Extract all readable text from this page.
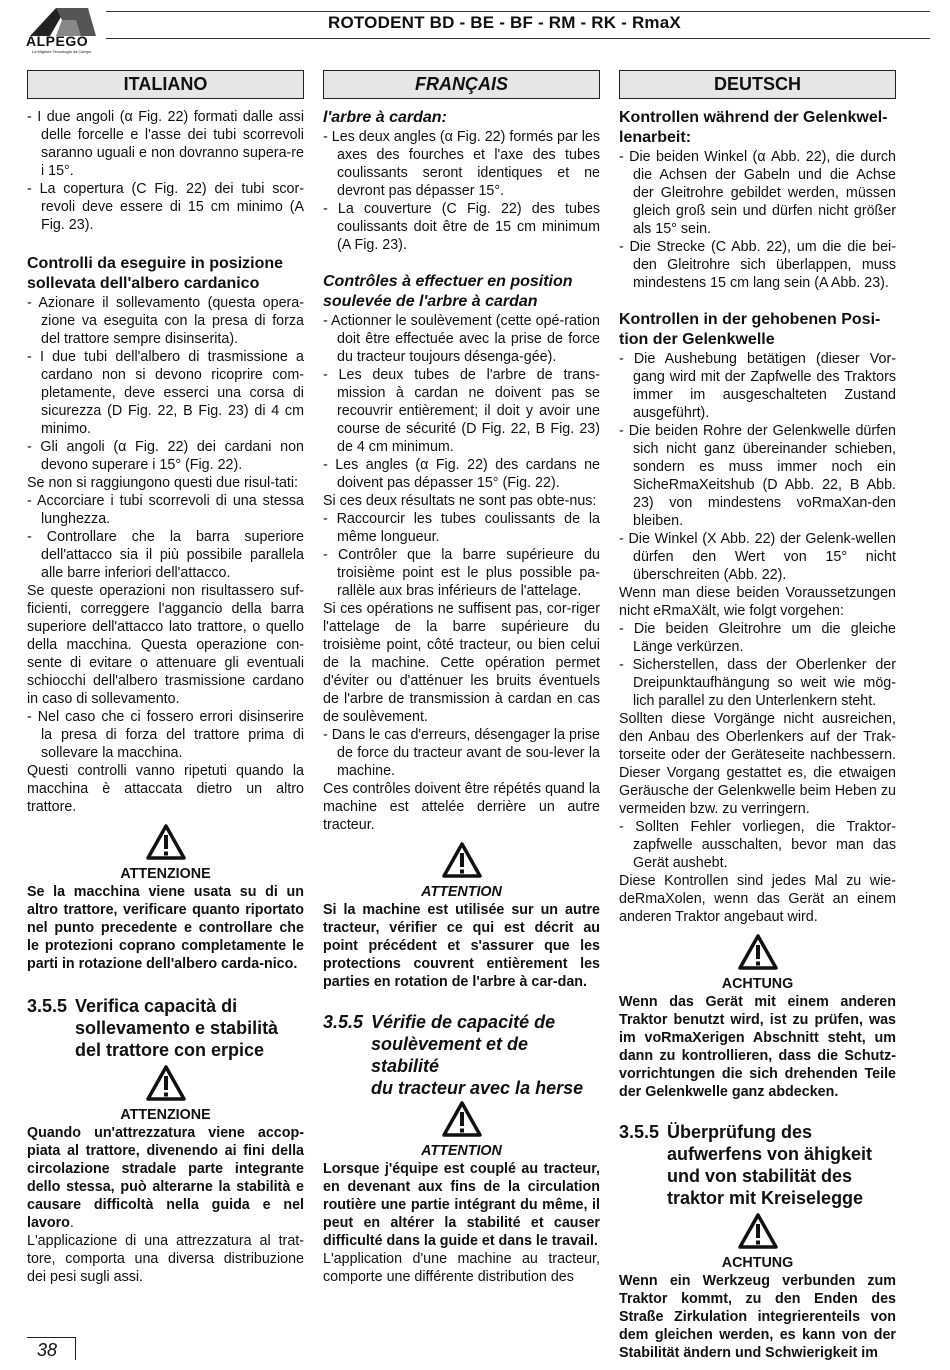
ALPEGO
La Migliore Tecnologia da Campo
ROTODENT BD - BE - BF - RM - RK - RmaX
ITALIANO

- I due angoli (α Fig. 22) formati dalle assi delle forcelle e l'asse dei tubi scorrevoli saranno uguali e non dovranno supera-re i 15°.

- La copertura (C Fig. 22) dei tubi scor-revoli deve essere di 15 cm minimo (A Fig. 23).

Controlli da eseguire in posizione sollevata dell'albero cardanico

- Azionare il sollevamento (questa opera-zione va eseguita con la presa di forza del trattore sempre disinserita).

- I due tubi dell'albero di trasmissione a cardano non si devono ricoprire com-pletamente, deve esserci una corsa di sicurezza (D Fig. 22, B Fig. 23) di 4 cm minimo.

- Gli angoli (α Fig. 22) dei cardani non devono superare i 15° (Fig. 22).

Se non si raggiungono questi due risul-tati:

- Accorciare i tubi scorrevoli di una stessa lunghezza.

- Controllare che la barra superiore dell'attacco sia il più possibile parallela alle barre inferiori dell'attacco.

Se queste operazioni non risultassero suf-ficienti, correggere l'aggancio della barra superiore dell'attacco lato trattore, o quello della macchina. Questa operazione con-sente di evitare o attenuare gli eventuali schiocchi dell'albero trasmissione cardano in caso di sollevamento.

- Nel caso che ci fossero errori disinserire la presa di forza del trattore prima di sollevare la macchina.

Questi controlli vanno ripetuti quando la macchina è attaccata dietro un altro trattore.

ATTENZIONE

Se la macchina viene usata su di un altro trattore, verificare quanto riportato nel punto precedente e controllare che le protezioni coprano completamente le parti in rotazione dell'albero carda-nico.

3.5.5 Verifica capacità di
sollevamento e stabilità
del trattore con erpice

ATTENZIONE

Quando un'attrezzatura viene accop-piata al trattore, divenendo ai fini della circolazione stradale parte integrante dello stessa, può alterarne la stabilità e causare difficoltà nella guida e nel lavoro.

L'applicazione di una attrezzatura al trat-tore, comporta una diversa distribuzione dei pesi sugli assi.

FRANÇAIS

l'arbre à cardan:

- Les deux angles (α Fig. 22) formés par les axes des fourches et l'axe des tubes coulissants seront identiques et ne devront pas dépasser 15°.

- La couverture (C Fig. 22) des tubes coulissants doit être de 15 cm minimum (A Fig. 23).

Contrôles à effectuer en position soulevée de l'arbre à cardan

- Actionner le soulèvement (cette opé-ration doit être effectuée avec la prise de force du tracteur toujours désenga-gée).

- Les deux tubes de l'arbre de trans-mission à cardan ne doivent pas se recouvrir entièrement; il doit y avoir une course de sécurité (D Fig. 22, B Fig. 23) de 4 cm minimum.

- Les angles (α Fig. 22) des cardans ne doivent pas dépasser 15° (Fig. 22).

Si ces deux résultats ne sont pas obte-nus:

- Raccourcir les tubes coulissants de la même longueur.

- Contrôler que la barre supérieure du troisième point est le plus possible pa-rallèle aux bras inférieurs de l'attelage.

Si ces opérations ne suffisent pas, cor-riger l'attelage de la barre supérieure du troisième point, côté tracteur, ou bien celui de la machine. Cette opération permet d'éviter ou d'atténuer les bruits éventuels de l'arbre de transmission à cardan en cas de soulèvement.

- Dans le cas d'erreurs, désengager la prise de force du tracteur avant de sou-lever la machine.

Ces contrôles doivent être répétés quand la machine est attelée derrière un autre tracteur.

ATTENTION

Si la machine est utilisée sur un autre tracteur, vérifier ce qui est décrit au point précédent et s'assurer que les protections couvrent entièrement les parties en rotation de l'arbre à car-dan.

3.5.5 Vérifie de capacité de
soulèvement et de stabilité
du tracteur avec la herse

ATTENTION

Lorsque j'équipe est couplé au tracteur, en devenant aux fins de la circulation routière une partie intégrant du même, il peut en altérer la stabilité et causer difficulté dans la guide et dans le travail.

L'application d'une machine au tracteur, comporte une différente distribution des

DEUTSCH

Kontrollen während der Gelenkwel-lenarbeit:

- Die beiden Winkel (α Abb. 22), die durch die Achsen der Gabeln und die Achse der Gleitrohre gebildet werden, müssen gleich groß sein und dürfen nicht größer als 15° sein.

- Die Strecke (C Abb. 22), um die die bei-den Gleitrohre sich überlappen, muss mindestens 15 cm lang sein (A Abb. 23).

Kontrollen in der gehobenen Posi-tion der Gelenkwelle

- Die Aushebung betätigen (dieser Vor-gang wird mit der Zapfwelle des Traktors immer im ausgeschalteten Zustand ausgeführt).

- Die beiden Rohre der Gelenkwelle dürfen sich nicht ganz übereinander schieben, sondern es muss immer noch ein SicheRmaXeitshub (D Abb. 22, B Abb. 23) von mindestens voRmaXan-den bleiben.

- Die Winkel (X Abb. 22) der Gelenk-wellen dürfen den Wert von 15° nicht überschreiten (Abb. 22).

Wenn man diese beiden Voraussetzungen nicht eRmaXält, wie folgt vorgehen:

- Die beiden Gleitrohre um die gleiche Länge verkürzen.

- Sicherstellen, dass der Oberlenker der Dreipunktaufhängung so weit wie mög-lich parallel zu den Unterlenkern steht.

Sollten diese Vorgänge nicht ausreichen, den Anbau des Oberlenkers auf der Trak-torseite oder der Geräteseite nachbessern. Dieser Vorgang gestattet es, die etwaigen Geräusche der Gelenkwelle beim Heben zu vermeiden bzw. zu verringern.

- Sollten Fehler vorliegen, die Traktor-zapfwelle ausschalten, bevor man das Gerät aushebt.

Diese Kontrollen sind jedes Mal zu wie-deRmaXolen, wenn das Gerät an einem anderen Traktor angebaut wird.

ACHTUNG

Wenn das Gerät mit einem anderen Traktor benutzt wird, ist zu prüfen, was im voRmaXerigen Abschnitt steht, um dann zu kontrollieren, dass die Schutz-vorrichtungen die sich drehenden Teile der Gelenkwelle ganz abdecken.

3.5.5 Überprüfung des
aufwerfens von ähigkeit
und von stabilität des
traktor mit Kreiselegge

ACHTUNG

Wenn ein Werkzeug verbunden zum Traktor kommt, zu den Enden des Straße Zirkulation integrierenteils von dem gleichen werden, es kann von der Stabilität ändern und Schwierigkeit im

38
